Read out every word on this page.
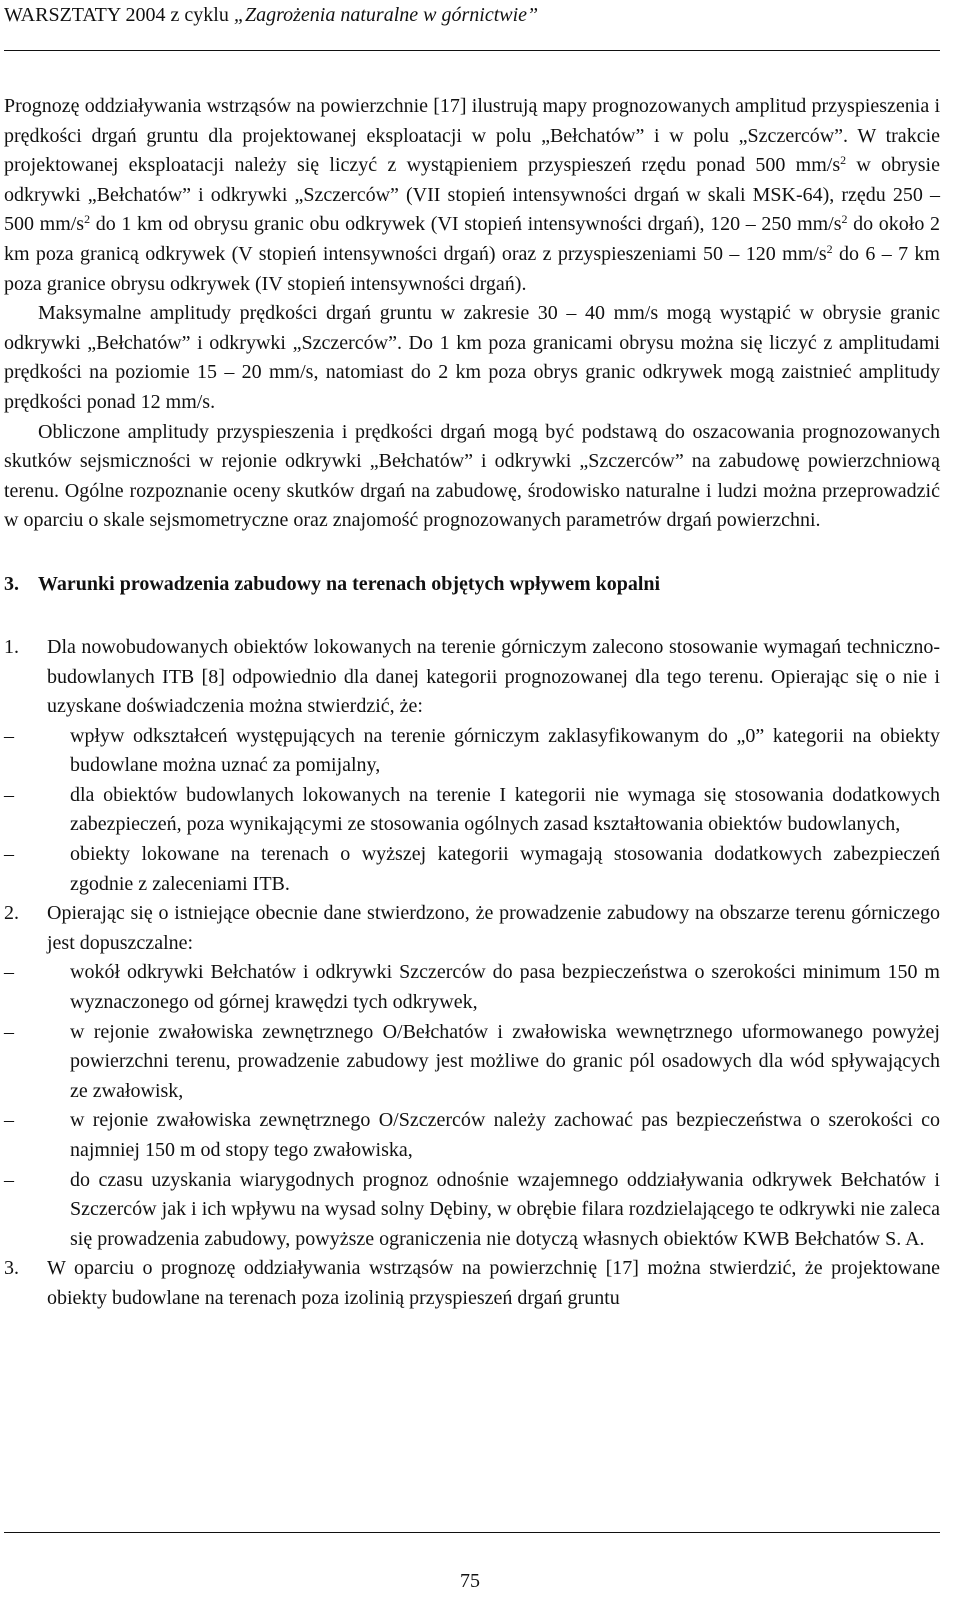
WARSZTATY 2004 z cyklu „Zagrożenia naturalne w górnictwie”

Prognozę oddziaływania wstrząsów na powierzchnie [17] ilustrują mapy prognozowanych amplitud przyspieszenia i prędkości drgań gruntu dla projektowanej eksploatacji w polu „Bełchatów” i w polu „Szczerców”. W trakcie projektowanej eksploatacji należy się liczyć z wystąpieniem przyspieszeń rzędu ponad 500 $mm/s^2$ w obrysie odkrywki „Bełchatów” i odkrywki „Szczerców” (VII stopień intensywności drgań w skali MSK-64), rzędu 250 – 500 $mm/s^2$ do 1 km od obrysu granic obu odkrywek (VI stopień intensywności drgań), 120 – 250 $mm/s^2$ do około 2 km poza granicą odkrywek (V stopień intensywności drgań) oraz z przyspieszeniami 50 – 120 $mm/s^2$ do 6 – 7 km poza granice obrysu odkrywek (IV stopień intensywności drgań).

Maksymalne amplitudy prędkości drgań gruntu w zakresie 30 – 40 mm/s mogą wystąpić w obrysie granic odkrywki „Bełchatów” i odkrywki „Szczerców”. Do 1 km poza granicami obrysu można się liczyć z amplitudami prędkości na poziomie 15 – 20 mm/s, natomiast do 2 km poza obrys granic odkrywek mogą zaistnieć amplitudy prędkości ponad 12 mm/s.

Obliczone amplitudy przyspieszenia i prędkości drgań mogą być podstawą do oszacowania prognozowanych skutków sejsmiczności w rejonie odkrywki „Bełchatów” i odkrywki „Szczerców” na zabudowę powierzchniową terenu. Ogólne rozpoznanie oceny skutków drgań na zabudowę, środowisko naturalne i ludzi można przeprowadzić w oparciu o skale sejsmometryczne oraz znajomość prognozowanych parametrów drgań powierzchni.

3. Warunki prowadzenia zabudowy na terenach objętych wpływem kopalni
1.	Dla nowobudowanych obiektów lokowanych na terenie górniczym zalecono stosowanie wymagań techniczno-budowlanych ITB [8] odpowiednio dla danej kategorii prognozowanej dla tego terenu. Opierając się o nie i uzyskane doświadczenia można stwierdzić, że:
–	wpływ odkształceń występujących na terenie górniczym zaklasyfikowanym do „0” kategorii na obiekty budowlane można uznać za pomijalny,
–	dla obiektów budowlanych lokowanych na terenie I kategorii nie wymaga się stosowania dodatkowych zabezpieczeń, poza wynikającymi ze stosowania ogólnych zasad kształtowania obiektów budowlanych,
–	obiekty lokowane na terenach o wyższej kategorii wymagają stosowania dodatkowych zabezpieczeń zgodnie z zaleceniami ITB.
2.	Opierając się o istniejące obecnie dane stwierdzono, że prowadzenie zabudowy na obszarze terenu górniczego jest dopuszczalne:
–	wokół odkrywki Bełchatów i odkrywki Szczerców do pasa bezpieczeństwa o szerokości minimum 150 m wyznaczonego od górnej krawędzi tych odkrywek,
–	w rejonie zwałowiska zewnętrznego O/Bełchatów i zwałowiska wewnętrznego uformowanego powyżej powierzchni terenu, prowadzenie zabudowy jest możliwe do granic pól osadowych dla wód spływających ze zwałowisk,
–	w rejonie zwałowiska zewnętrznego O/Szczerców należy zachować pas bezpieczeństwa o szerokości co najmniej 150 m od stopy tego zwałowiska,
–	do czasu uzyskania wiarygodnych prognoz odnośnie wzajemnego oddziaływania odkrywek Bełchatów i Szczerców jak i ich wpływu na wysad solny Dębiny, w obrębie filara rozdzielającego te odkrywki nie zaleca się prowadzenia zabudowy, powyższe ograniczenia nie dotyczą własnych obiektów KWB Bełchatów S. A.
3.	W oparciu o prognozę oddziaływania wstrząsów na powierzchnię [17] można stwierdzić, że projektowane obiekty budowlane na terenach poza izolinią przyspieszeń drgań gruntu
75
